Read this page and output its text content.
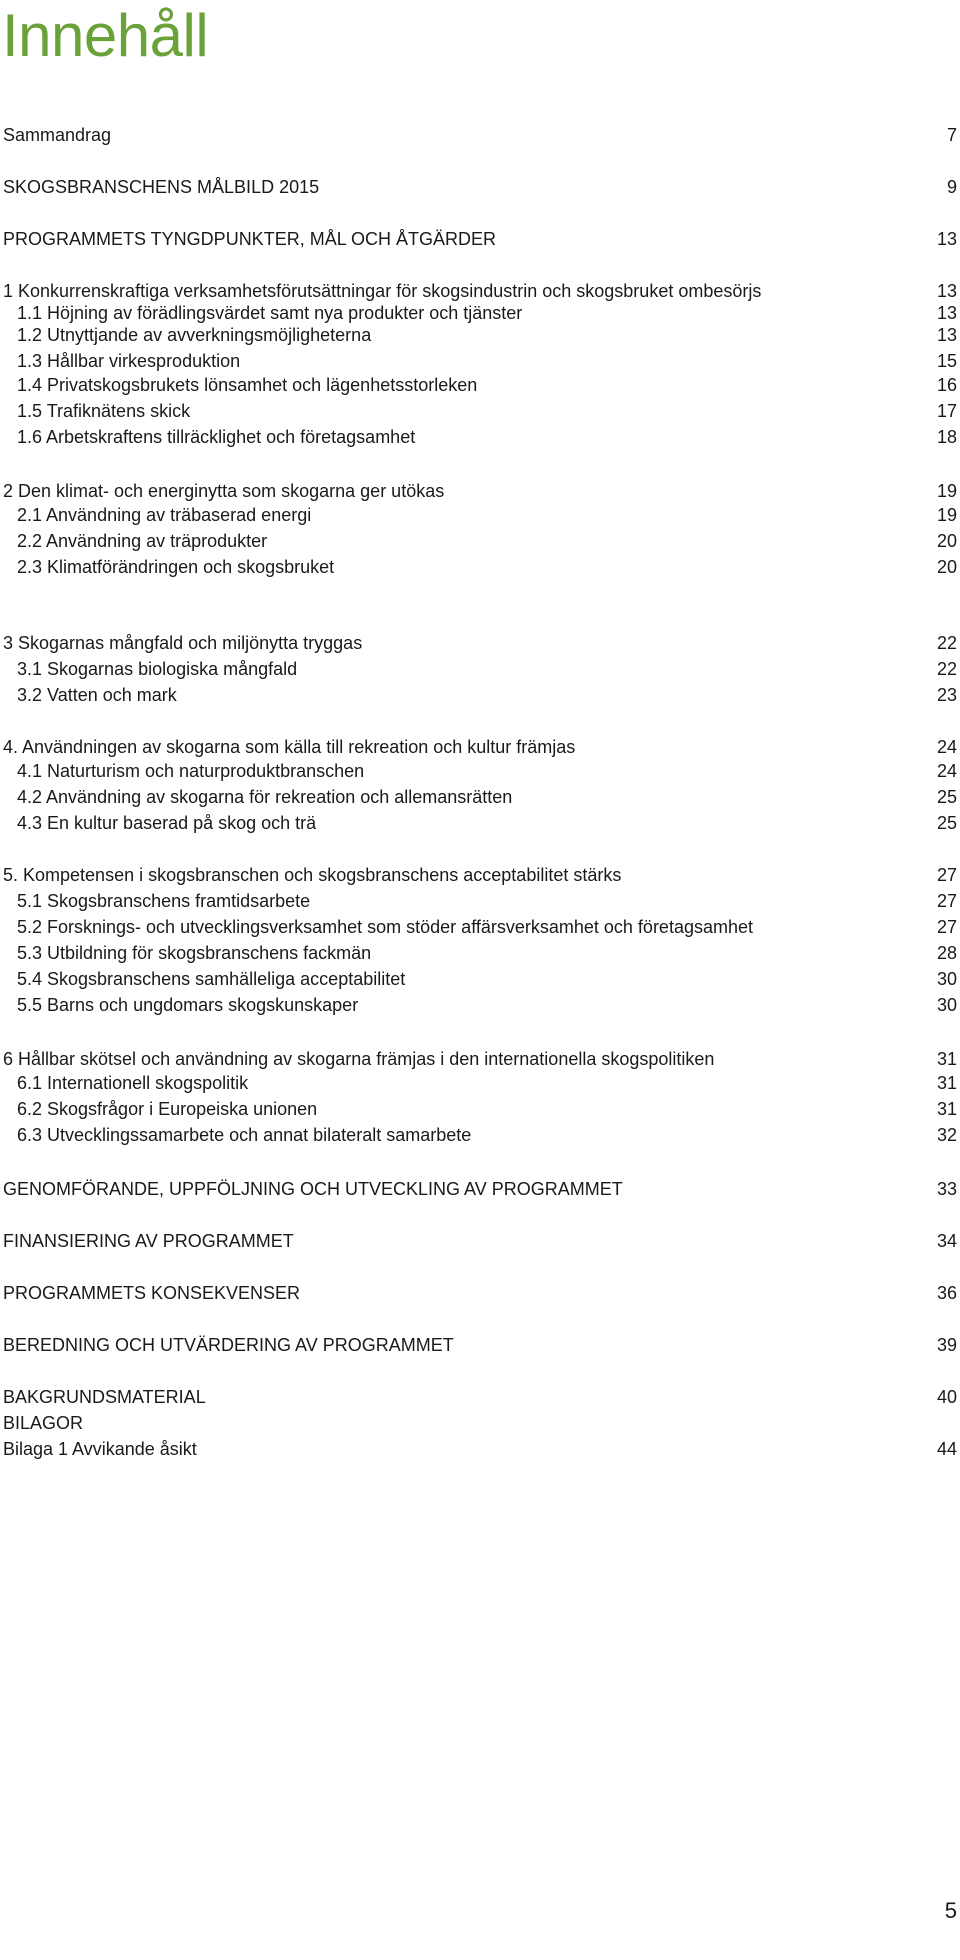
Innehåll
Sammandrag	7
SKOGSBRANSCHENS MÅLBILD 2015	9
PROGRAMMETS TYNGDPUNKTER, MÅL OCH ÅTGÄRDER	13
1 Konkurrenskraftiga verksamhetsförutsättningar för skogsindustrin och skogsbruket ombesörjs	13
1.1 Höjning av förädlingsvärdet samt nya produkter och tjänster	13
1.2 Utnyttjande av avverkningsmöjligheterna	13
1.3 Hållbar virkesproduktion	15
1.4 Privatskogsbrukets lönsamhet och lägenhetsstorleken	16
1.5 Trafiknätens skick	17
1.6 Arbetskraftens tillräcklighet och företagsamhet	18
2 Den klimat- och energinytta som skogarna ger utökas	19
2.1 Användning av träbaserad energi	19
2.2 Användning av träprodukter	20
2.3 Klimatförändringen och skogsbruket	20
3 Skogarnas mångfald och miljönytta tryggas	22
3.1 Skogarnas biologiska mångfald	22
3.2 Vatten och mark	23
4. Användningen av skogarna som källa till rekreation och kultur främjas	24
4.1 Naturturism och naturproduktbranschen	24
4.2 Användning av skogarna för rekreation och allemansrätten	25
4.3 En kultur baserad på skog och trä	25
5. Kompetensen i skogsbranschen och skogsbranschens acceptabilitet stärks	27
5.1 Skogsbranschens framtidsarbete	27
5.2 Forsknings- och utvecklingsverksamhet som stöder affärsverksamhet och företagsamhet	27
5.3 Utbildning för skogsbranschens fackmän	28
5.4 Skogsbranschens samhälleliga acceptabilitet	30
5.5 Barns och ungdomars skogskunskaper	30
6 Hållbar skötsel och användning av skogarna främjas i den internationella skogspolitiken	31
6.1 Internationell skogspolitik	31
6.2 Skogsfrågor i Europeiska unionen	31
6.3 Utvecklingssamarbete och annat bilateralt samarbete	32
GENOMFÖRANDE, UPPFÖLJNING OCH UTVECKLING AV PROGRAMMET	33
FINANSIERING AV PROGRAMMET	34
PROGRAMMETS KONSEKVENSER	36
BEREDNING OCH UTVÄRDERING AV PROGRAMMET	39
BAKGRUNDSMATERIAL	40
BILAGOR
Bilaga 1 Avvikande åsikt	44
5
